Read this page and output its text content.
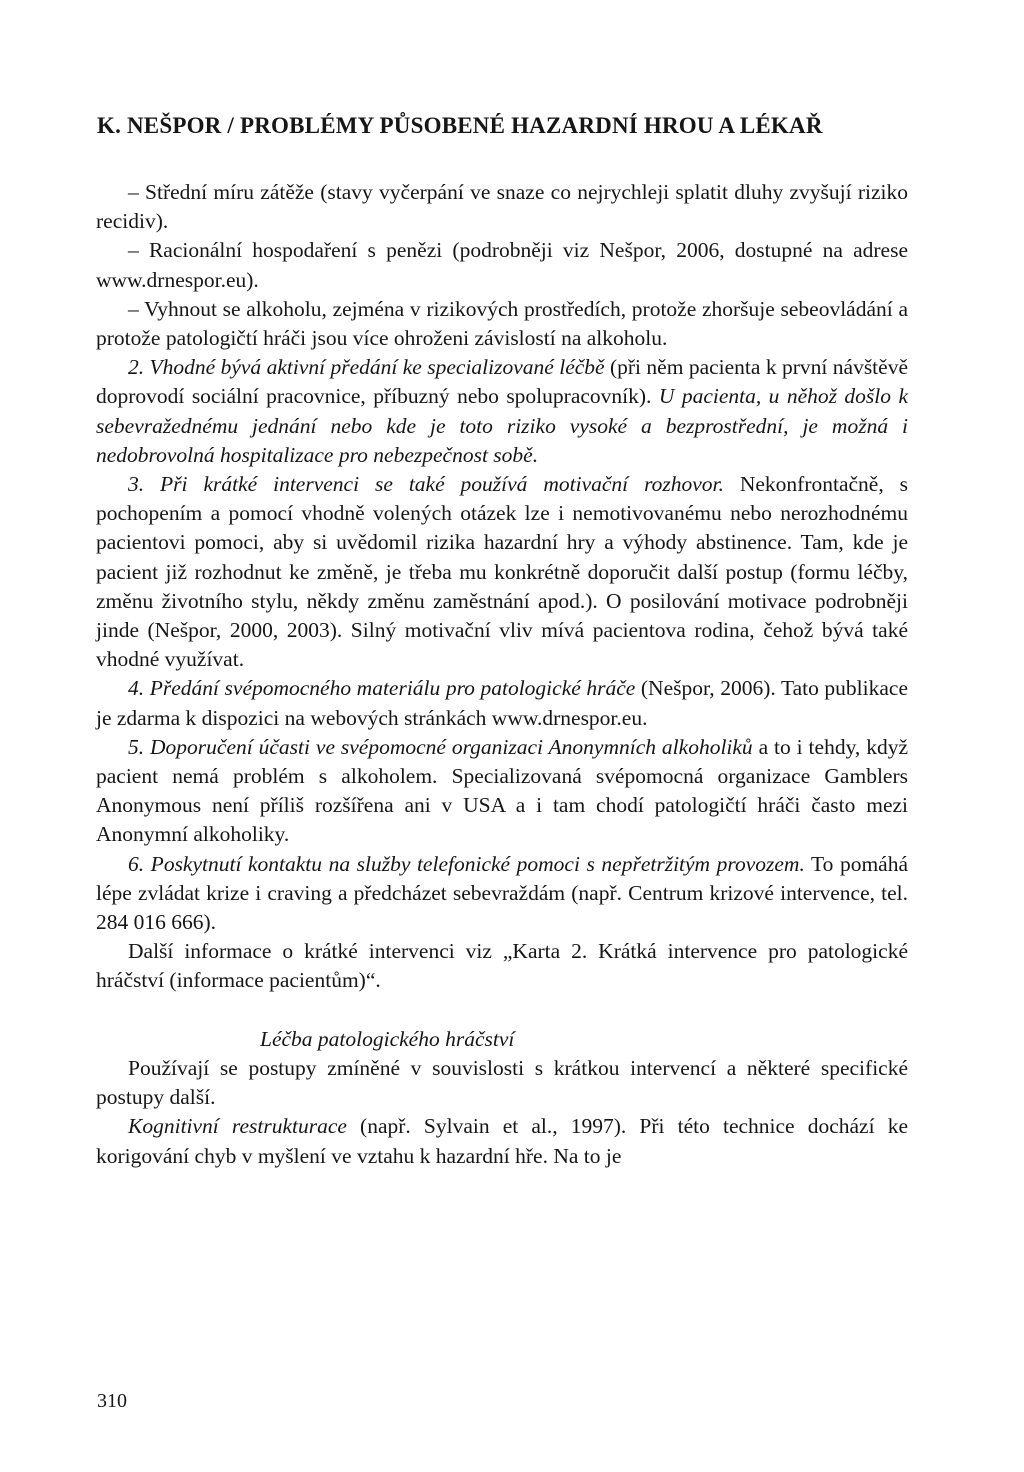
K. NEŠPOR / PROBLÉMY PŮSOBENÉ HAZARDNÍ HROU A LÉKAŘ

– Střední míru zátěže (stavy vyčerpání ve snaze co nejrychleji splatit dluhy zvyšují riziko recidiv).

– Racionální hospodaření s penězi (podrobněji viz Nešpor, 2006, dostupné na adrese www.drnespor.eu).

– Vyhnout se alkoholu, zejména v rizikových prostředích, protože zhoršuje sebeovládání a protože patologičtí hráči jsou více ohroženi závislostí na alkoholu.

2. Vhodné bývá aktivní předání ke specializované léčbě (při něm pacienta k první návštěvě doprovodí sociální pracovnice, příbuzný nebo spolupracovník). U pacienta, u něhož došlo k sebevražednému jednání nebo kde je toto riziko vysoké a bezprostřední, je možná i nedobrovolná hospitalizace pro nebezpečnost sobě.

3. Při krátké intervenci se také používá motivační rozhovor. Nekonfrontačně, s pochopením a pomocí vhodně volených otázek lze i nemotivovanému nebo nerozhodnému pacientovi pomoci, aby si uvědomil rizika hazardní hry a výhody abstinence. Tam, kde je pacient již rozhodnut ke změně, je třeba mu konkrétně doporučit další postup (formu léčby, změnu životního stylu, někdy změnu zaměstnání apod.). O posilování motivace podrobněji jinde (Nešpor, 2000, 2003). Silný motivační vliv mívá pacientova rodina, čehož bývá také vhodné využívat.

4. Předání svépomocného materiálu pro patologické hráče (Nešpor, 2006). Tato publikace je zdarma k dispozici na webových stránkách www.drnespor.eu.

5. Doporučení účasti ve svépomocné organizaci Anonymních alkoholiků a to i tehdy, když pacient nemá problém s alkoholem. Specializovaná svépomocná organizace Gamblers Anonymous není příliš rozšířena ani v USA a i tam chodí patologičtí hráči často mezi Anonymní alkoholiky.

6. Poskytnutí kontaktu na služby telefonické pomoci s nepřetržitým provozem. To pomáhá lépe zvládat krize i craving a předcházet sebevraždám (např. Centrum krizové intervence, tel. 284 016 666).

Další informace o krátké intervenci viz „Karta 2. Krátká intervence pro patologické hráčství (informace pacientům)“.

Léčba patologického hráčství

Používají se postupy zmíněné v souvislosti s krátkou intervencí a některé specifické postupy další.

Kognitivní restrukturace (např. Sylvain et al., 1997). Při této technice dochází ke korigování chyb v myšlení ve vztahu k hazardní hře. Na to je

310
